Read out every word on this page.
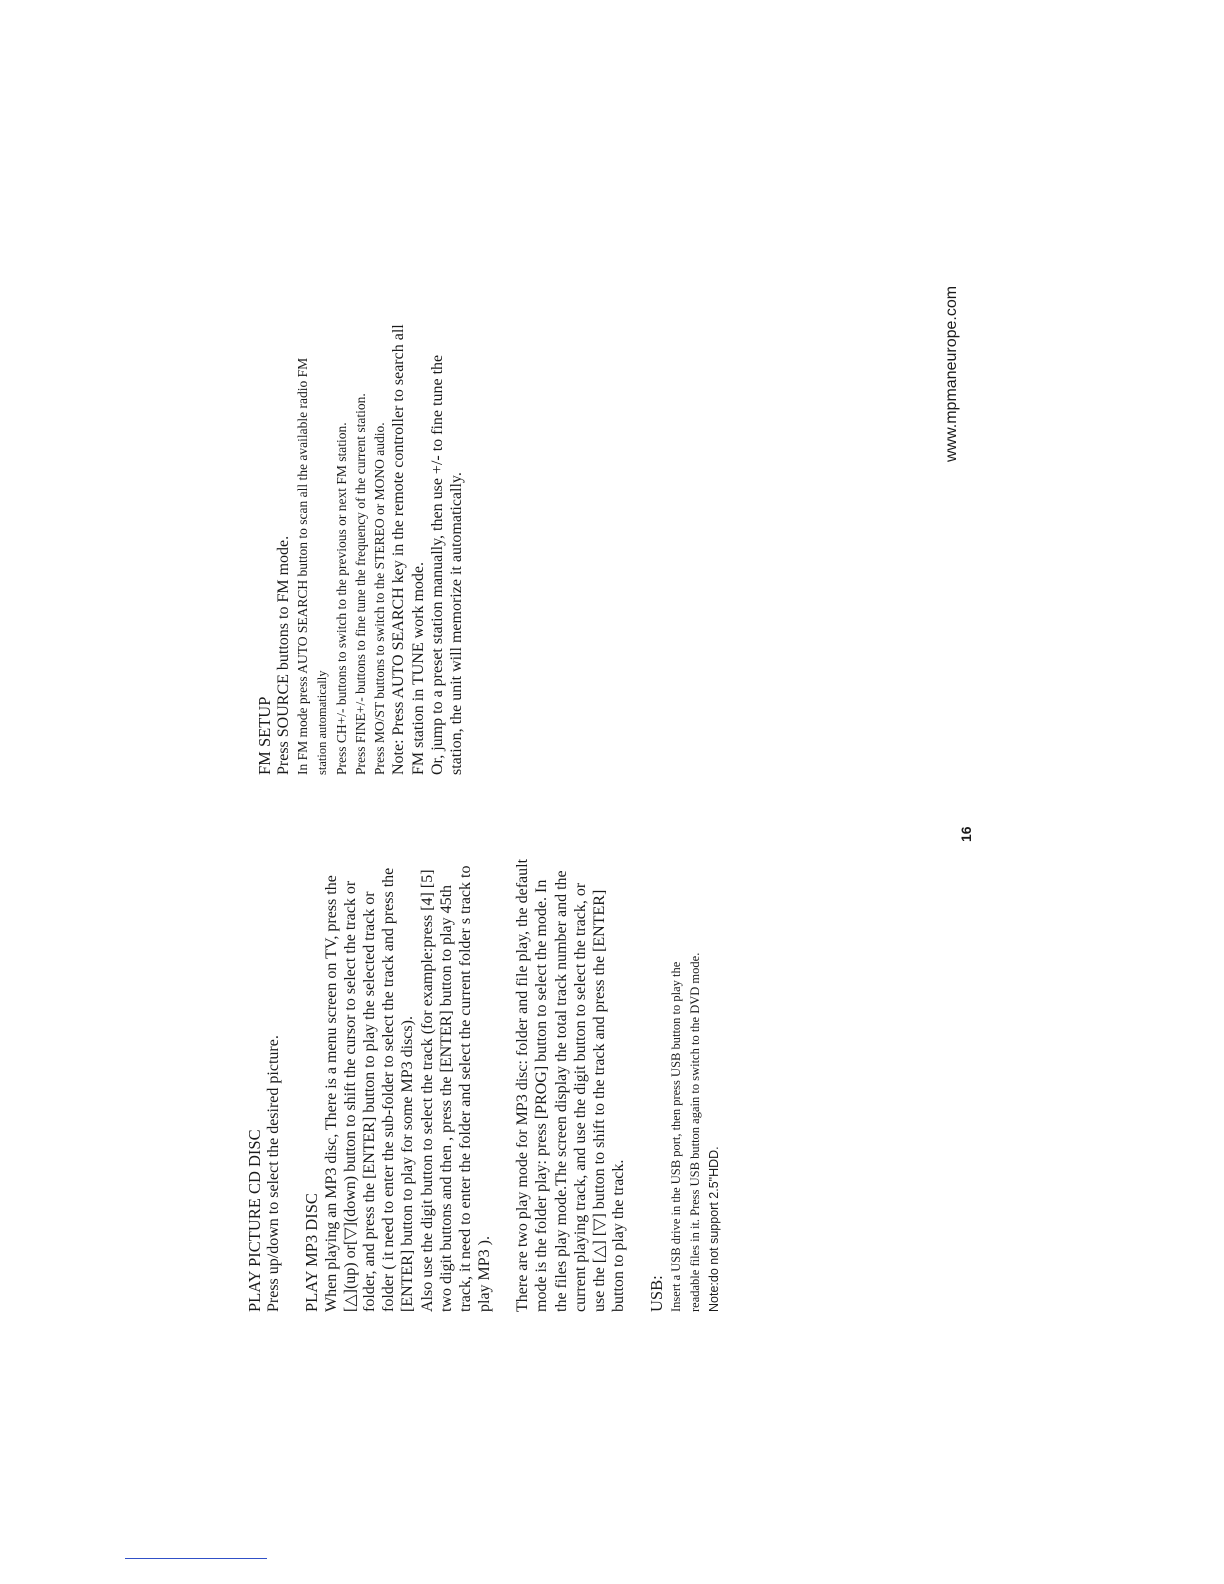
PLAY PICTURE CD DISC Press up/down to select the desired picture. PLAY MP3 DISC When playing an MP3 disc, There is a menu screen on TV, press the [△](up) or[▽](down) button to shift the cursor to select the track or folder, and press the [ENTER] button to play the selected track or folder ( it need to enter the sub-folder to select the track and press the [ENTER] button to play for some MP3 discs). Also use the digit button to select the track (for example:press [4] [5] two digit buttons and then , press the [ENTER] button to play 45th track, it need to enter the folder and select the current folder s track to play MP3 ). There are two play mode for MP3 disc: folder and file play, the default mode is the folder play: press [PROG] button to select the mode. In the files play mode.The screen display the total track number and the current playing track, and use the digit button to select the track, or use the [△] [▽] button to shift to the track and press the [ENTER] button to play the track. USB: Insert a USB drive in the USB port, then press USB button to play the readable files in it. Press USB button again to switch to the DVD mode. Note:do not support 2.5"HDD.
FM SETUP Press SOURCE buttons to FM mode. In FM mode press AUTO SEARCH button to scan all the available radio FM station automatically Press CH+/- buttons to switch to the previous or next FM station. Press FINE+/- buttons to fine tune the frequency of the current station. Press MO/ST buttons to switch to the STEREO or MONO audio. Note: Press AUTO SEARCH key in the remote controller to search all FM station in TUNE work mode. Or, jump to a preset station manually, then use +/- to fine tune the station, the unit will memorize it automatically.
16
www.mpmaneurope.com
